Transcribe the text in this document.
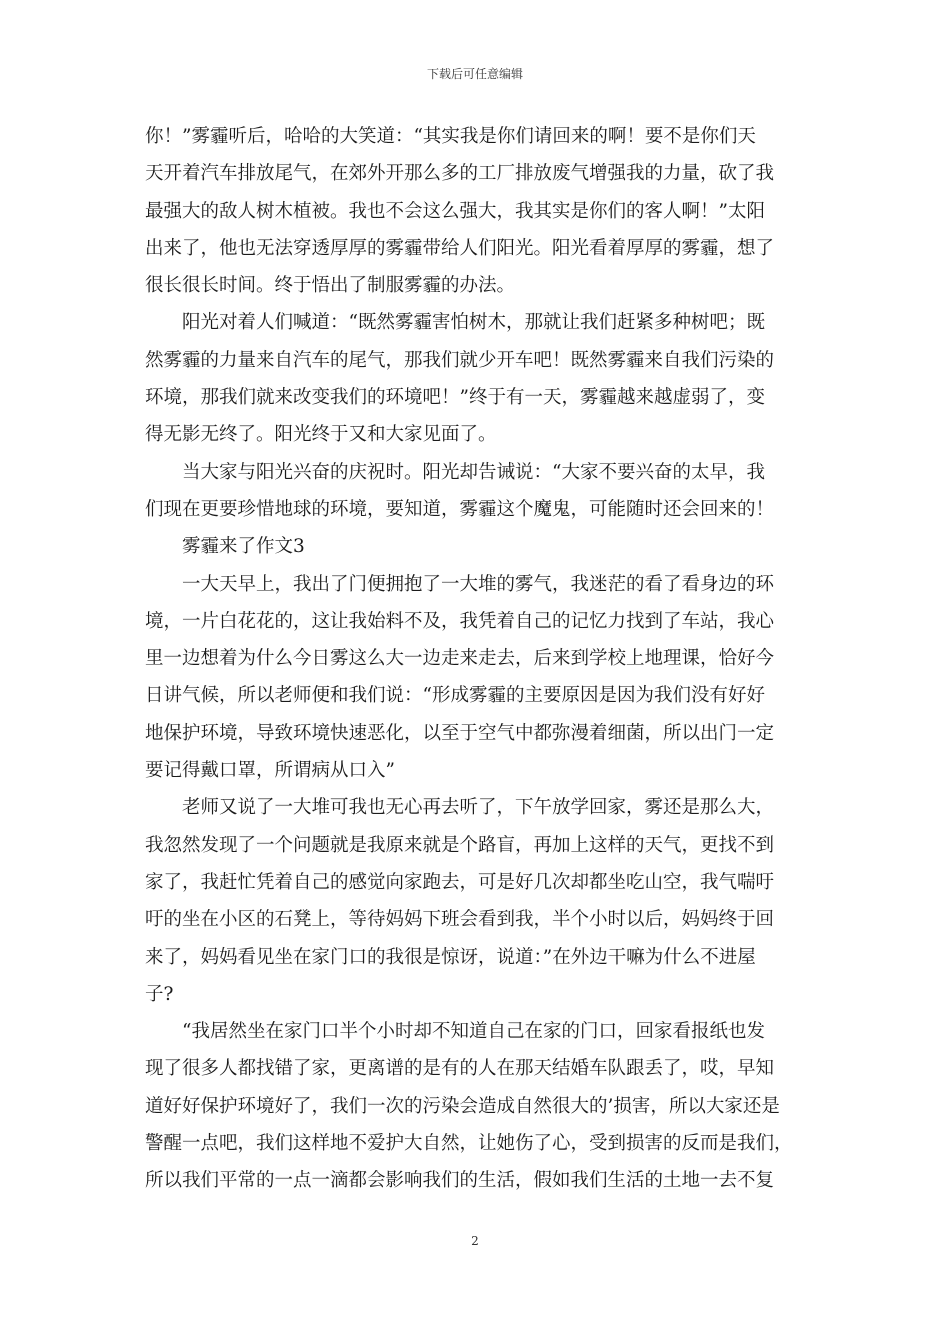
下载后可任意编辑
你！”雾霾听后，哈哈的大笑道：“其实我是你们请回来的啊！要不是你们天
天开着汽车排放尾气，在郊外开那么多的工厂排放废气增强我的力量，砍了我
最强大的敌人树木植被。我也不会这么强大，我其实是你们的客人啊！”太阳
出来了，他也无法穿透厚厚的雾霾带给人们阳光。阳光看着厚厚的雾霾，想了
很长很长时间。终于悟出了制服雾霾的办法。
阳光对着人们喊道：“既然雾霾害怕树木，那就让我们赶紧多种树吧；既
然雾霾的力量来自汽车的尾气，那我们就少开车吧！既然雾霾来自我们污染的
环境，那我们就来改变我们的环境吧！”终于有一天，雾霾越来越虚弱了，变
得无影无终了。阳光终于又和大家见面了。
当大家与阳光兴奋的庆祝时。阳光却告诫说：“大家不要兴奋的太早，我
们现在更要珍惜地球的环境，要知道，雾霾这个魔鬼，可能随时还会回来的！
雾霾来了作文3
一大天早上，我出了门便拥抱了一大堆的雾气，我迷茫的看了看身边的环
境，一片白花花的，这让我始料不及，我凭着自己的记忆力找到了车站，我心
里一边想着为什么今日雾这么大一边走来走去，后来到学校上地理课，恰好今
日讲气候，所以老师便和我们说：“形成雾霾的主要原因是因为我们没有好好
地保护环境，导致环境快速恶化，以至于空气中都弥漫着细菌，所以出门一定
要记得戴口罩，所谓病从口入”
老师又说了一大堆可我也无心再去听了，下午放学回家，雾还是那么大，
我忽然发现了一个问题就是我原来就是个路盲，再加上这样的天气，更找不到
家了，我赶忙凭着自己的感觉向家跑去，可是好几次却都坐吃山空，我气喘吁
吁的坐在小区的石凳上，等待妈妈下班会看到我，半个小时以后，妈妈终于回
来了，妈妈看见坐在家门口的我很是惊讶，说道：”在外边干嘛为什么不进屋
子?
“我居然坐在家门口半个小时却不知道自己在家的门口，回家看报纸也发
现了很多人都找错了家，更离谱的是有的人在那天结婚车队跟丢了，哎，早知
道好好保护环境好了，我们一次的污染会造成自然很大的’损害，所以大家还是
警醒一点吧，我们这样地不爱护大自然，让她伤了心，受到损害的反而是我们，
所以我们平常的一点一滴都会影响我们的生活，假如我们生活的土地一去不复
2
